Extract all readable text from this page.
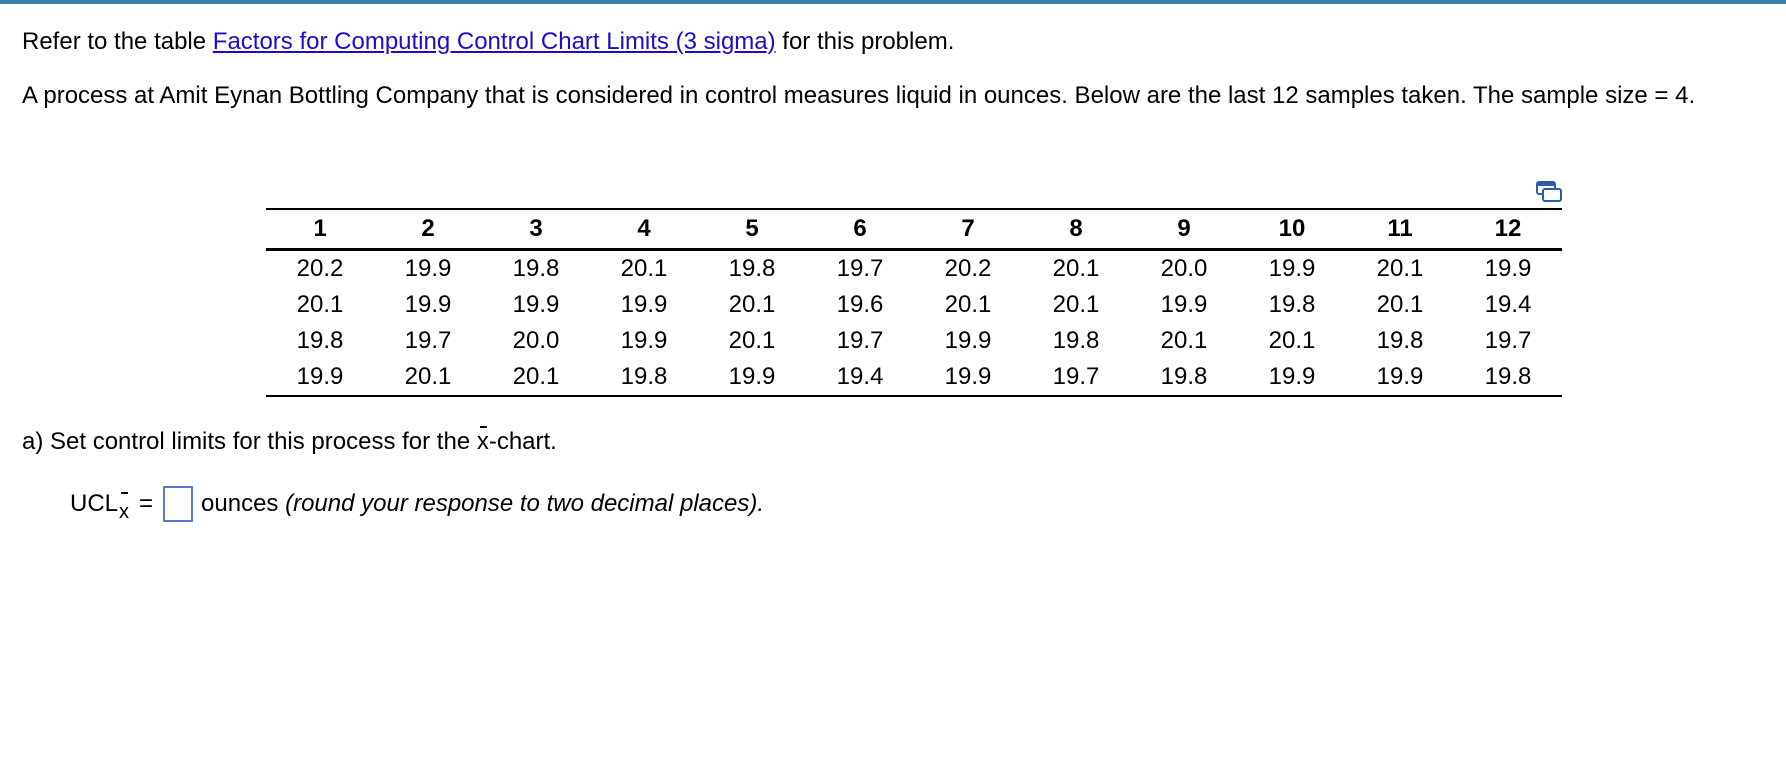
Refer to the table Factors for Computing Control Chart Limits (3 sigma) for this problem.

A process at Amit Eynan Bottling Company that is considered in control measures liquid in ounces. Below are the last 12 samples taken. The sample size = 4.

1	2	3	4	5	6	7	8	9	10	11	12
20.2	19.9	19.8	20.1	19.8	19.7	20.2	20.1	20.0	19.9	20.1	19.9
20.1	19.9	19.9	19.9	20.1	19.6	20.1	20.1	19.9	19.8	20.1	19.4
19.8	19.7	20.0	19.9	20.1	19.7	19.9	19.8	20.1	20.1	19.8	19.7
19.9	20.1	20.1	19.8	19.9	19.4	19.9	19.7	19.8	19.9	19.9	19.8
a) Set control limits for this process for the x-chart.
UCL x = ounces
(round your response to two decimal places).
